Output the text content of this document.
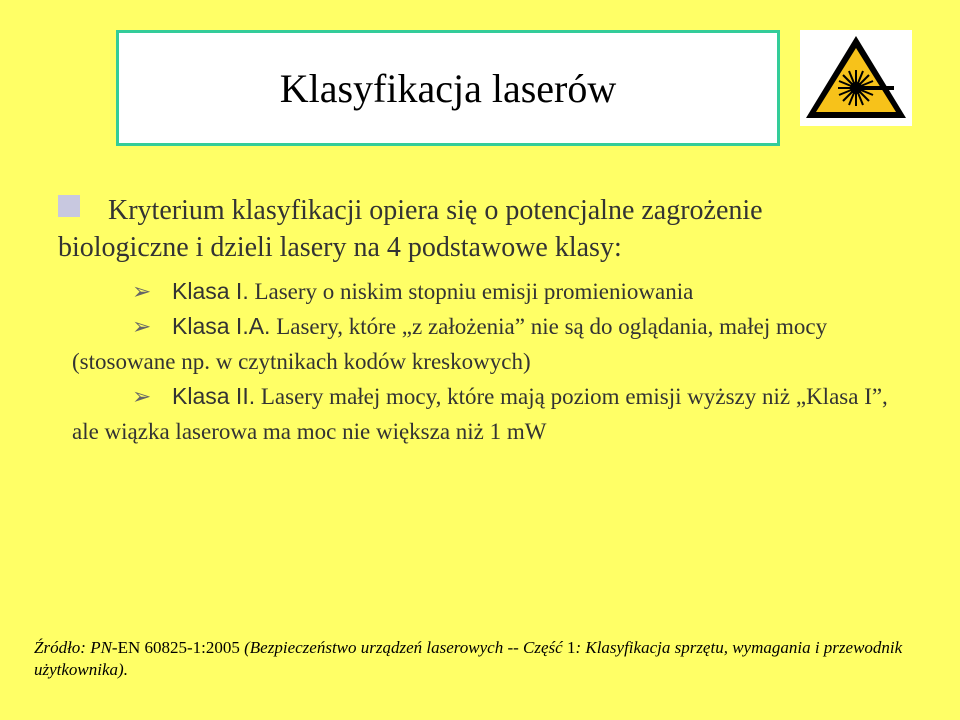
Klasyfikacja laserów

Kryterium klasyfikacji opiera się o potencjalne zagrożenie biologiczne i dzieli lasery na 4 podstawowe klasy:

➢ Klasa I. Lasery o niskim stopniu emisji promieniowania

➢ Klasa I.A. Lasery, które „z założenia” nie są do oglądania, małej mocy (stosowane np. w czytnikach kodów kreskowych)

➢ Klasa II. Lasery małej mocy, które mają poziom emisji wyższy niż „Klasa I”, ale wiązka laserowa ma moc nie większa niż 1 mW

Źródło: PN-EN 60825-1:2005 (Bezpieczeństwo urządzeń laserowych -- Część 1: Klasyfikacja sprzętu, wymagania i przewodnik użytkownika).
